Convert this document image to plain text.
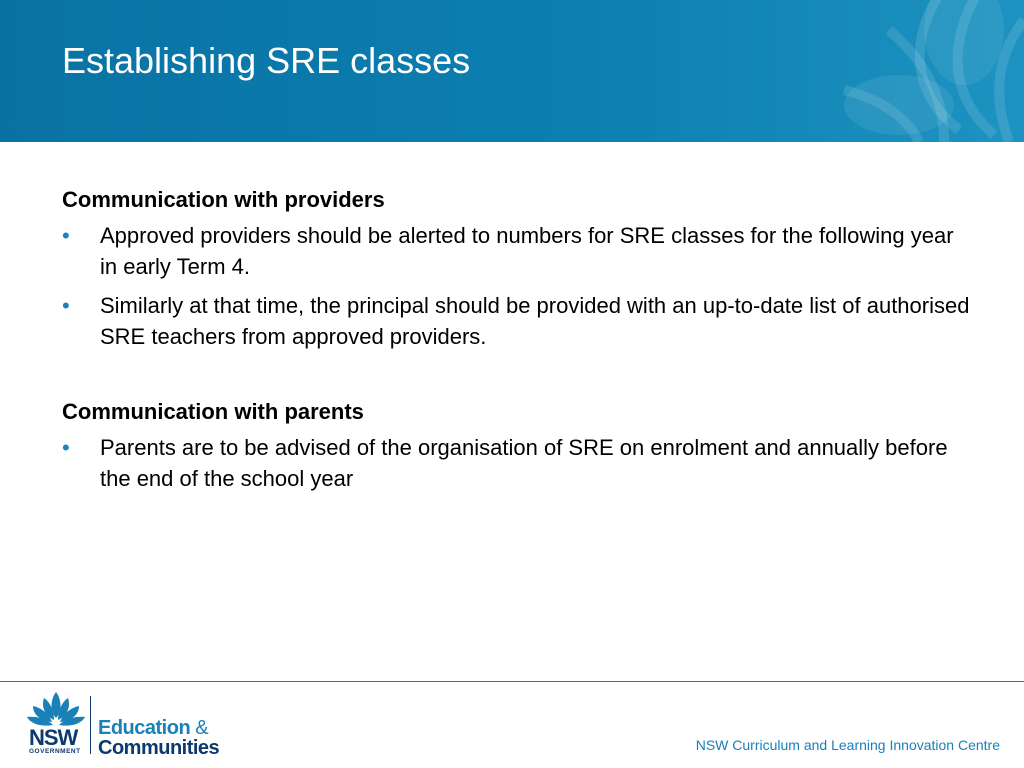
Establishing SRE classes

Communication with providers

• Approved providers should be alerted to numbers for SRE classes for the following year in early Term 4.
• Similarly at that time, the principal should be provided with an up-to-date list of authorised SRE teachers from approved providers.

Communication with parents

• Parents are to be advised of the organisation of SRE on enrolment and annually before the end of the school year
NSW
GOVERNMENT
Education &
Communities	NSW Curriculum and Learning Innovation Centre
